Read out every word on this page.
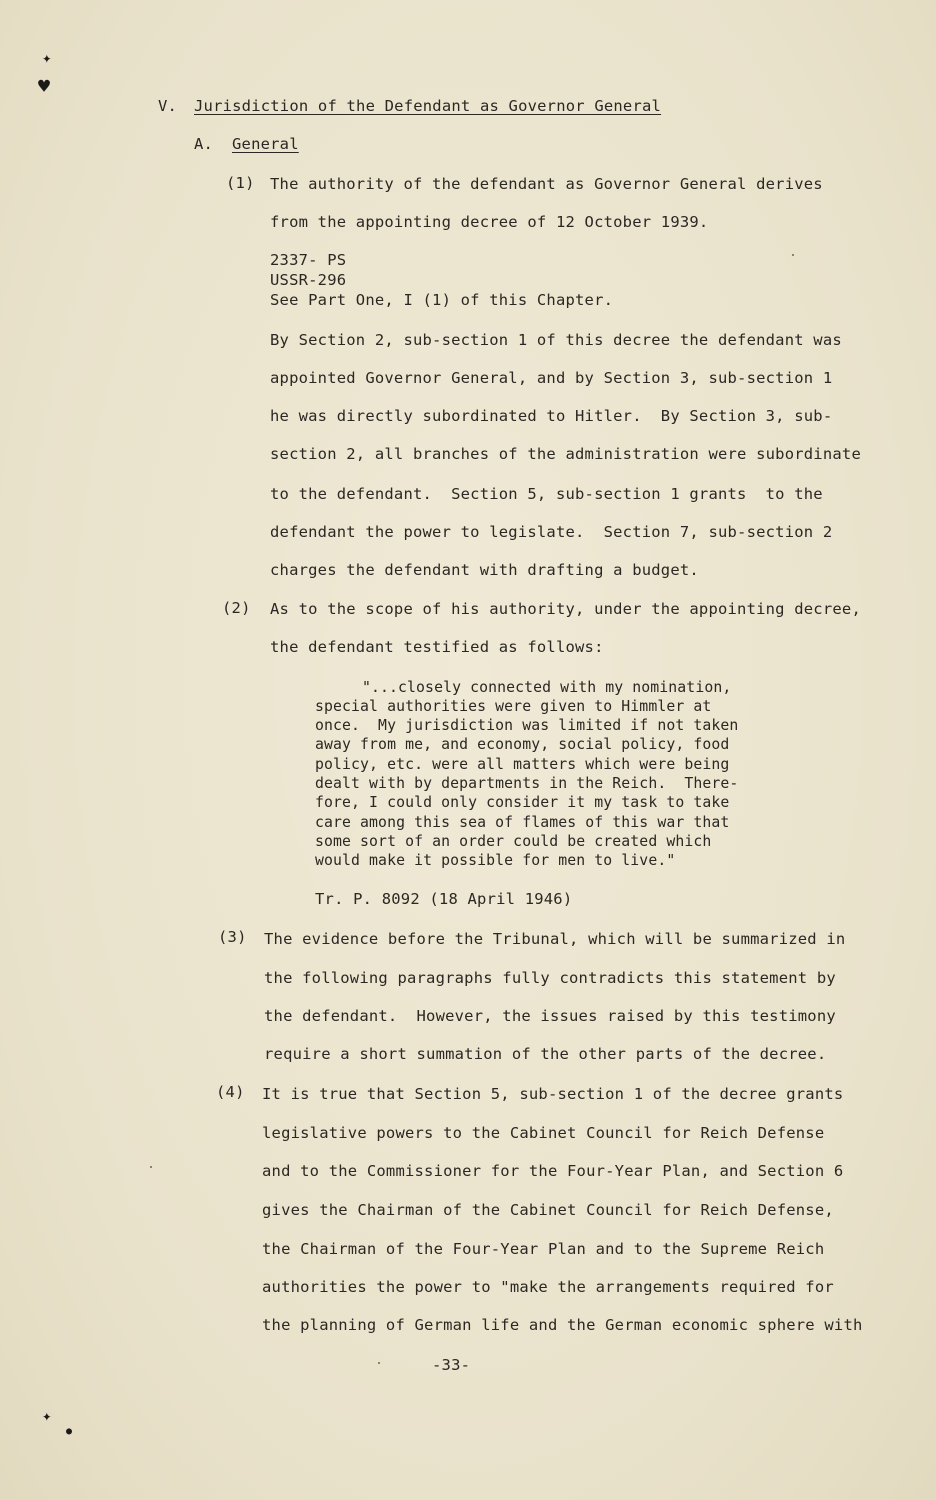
✦
♥
✦
●
V. Jurisdiction of the Defendant as Governor General
A. General
(1) The authority of the defendant as Governor General derives
from the appointing decree of 12 October 1939.
2337- PS
USSR-296
See Part One, I (1) of this Chapter.
By Section 2, sub-section 1 of this decree the defendant was
appointed Governor General, and by Section 3, sub-section 1
he was directly subordinated to Hitler.  By Section 3, sub-
section 2, all branches of the administration were subordinate
to the defendant.  Section 5, sub-section 1 grants  to the
defendant the power to legislate.  Section 7, sub-section 2
charges the defendant with drafting a budget.
(2) As to the scope of his authority, under the appointing decree,
the defendant testified as follows:
"...closely connected with my nomination,
special authorities were given to Himmler at
once.  My jurisdiction was limited if not taken
away from me, and economy, social policy, food
policy, etc. were all matters which were being
dealt with by departments in the Reich.  There-
fore, I could only consider it my task to take
care among this sea of flames of this war that
some sort of an order could be created which
would make it possible for men to live."
Tr. P. 8092 (18 April 1946)
(3) The evidence before the Tribunal, which will be summarized in
the following paragraphs fully contradicts this statement by
the defendant.  However, the issues raised by this testimony
require a short summation of the other parts of the decree.
(4) It is true that Section 5, sub-section 1 of the decree grants
legislative powers to the Cabinet Council for Reich Defense
and to the Commissioner for the Four-Year Plan, and Section 6
gives the Chairman of the Cabinet Council for Reich Defense,
the Chairman of the Four-Year Plan and to the Supreme Reich
authorities the power to "make the arrangements required for
the planning of German life and the German economic sphere with
-33-
